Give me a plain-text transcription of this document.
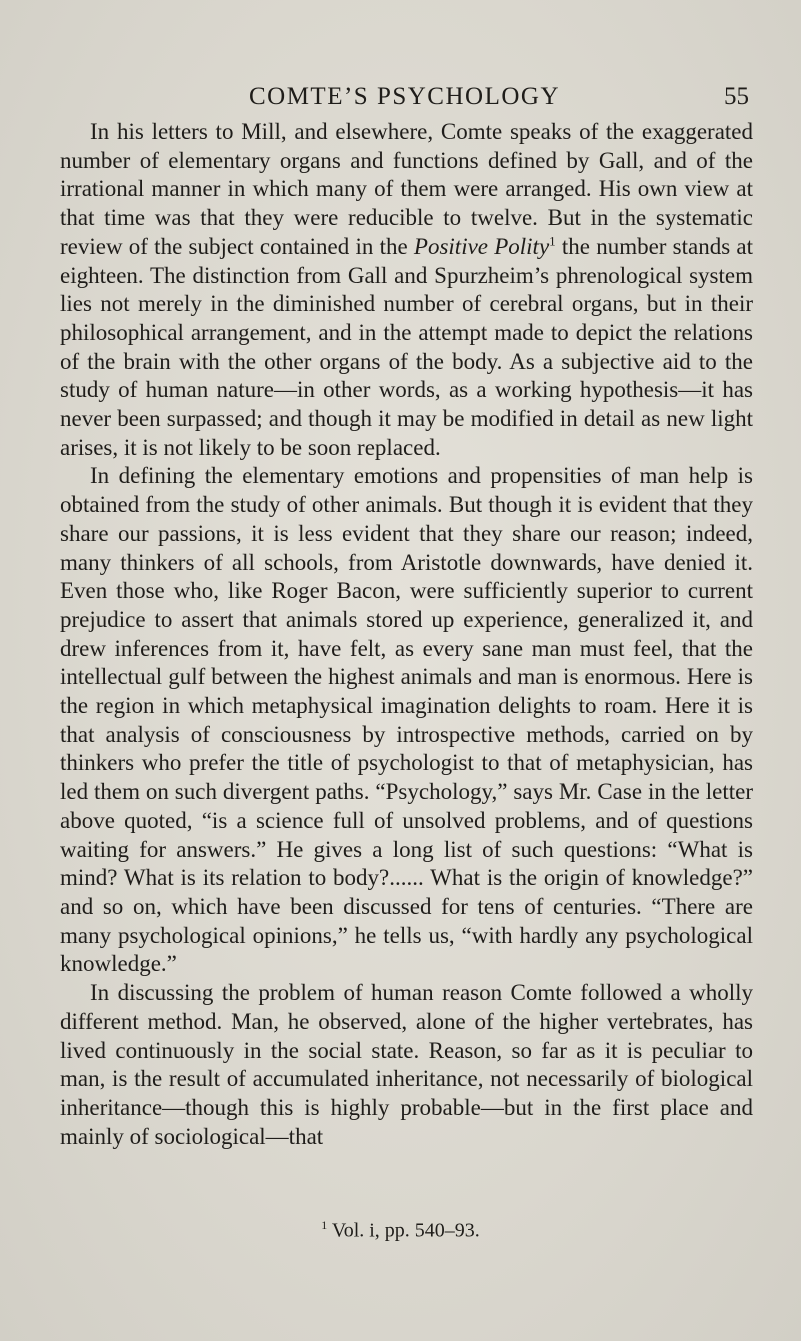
COMTE’S PSYCHOLOGY	55

In his letters to Mill, and elsewhere, Comte speaks of the exaggerated number of elementary organs and functions defined by Gall, and of the irrational manner in which many of them were arranged. His own view at that time was that they were reducible to twelve. But in the systematic review of the subject contained in the Positive Polity$^1$ the number stands at eighteen. The distinction from Gall and Spurzheim’s phrenological system lies not merely in the diminished number of cerebral organs, but in their philosophical arrangement, and in the attempt made to depict the relations of the brain with the other organs of the body. As a subjective aid to the study of human nature—in other words, as a working hypothesis—it has never been surpassed; and though it may be modified in detail as new light arises, it is not likely to be soon replaced.

In defining the elementary emotions and propensities of man help is obtained from the study of other animals. But though it is evident that they share our passions, it is less evident that they share our reason; indeed, many thinkers of all schools, from Aristotle downwards, have denied it. Even those who, like Roger Bacon, were sufficiently superior to current prejudice to assert that animals stored up experience, generalized it, and drew inferences from it, have felt, as every sane man must feel, that the intellectual gulf between the highest animals and man is enormous. Here is the region in which metaphysical imagination delights to roam. Here it is that analysis of consciousness by introspective methods, carried on by thinkers who prefer the title of psychologist to that of metaphysician, has led them on such divergent paths. “Psychology,” says Mr. Case in the letter above quoted, “is a science full of unsolved problems, and of questions waiting for answers.” He gives a long list of such questions: “What is mind? What is its relation to body?...... What is the origin of knowledge?” and so on, which have been discussed for tens of centuries. “There are many psychological opinions,” he tells us, “with hardly any psychological knowledge.”

In discussing the problem of human reason Comte followed a wholly different method. Man, he observed, alone of the higher vertebrates, has lived continuously in the social state. Reason, so far as it is peculiar to man, is the result of accumulated inheritance, not necessarily of biological inheritance—though this is highly probable—but in the first place and mainly of sociological—that

$^1$ Vol. i, pp. 540–93.
